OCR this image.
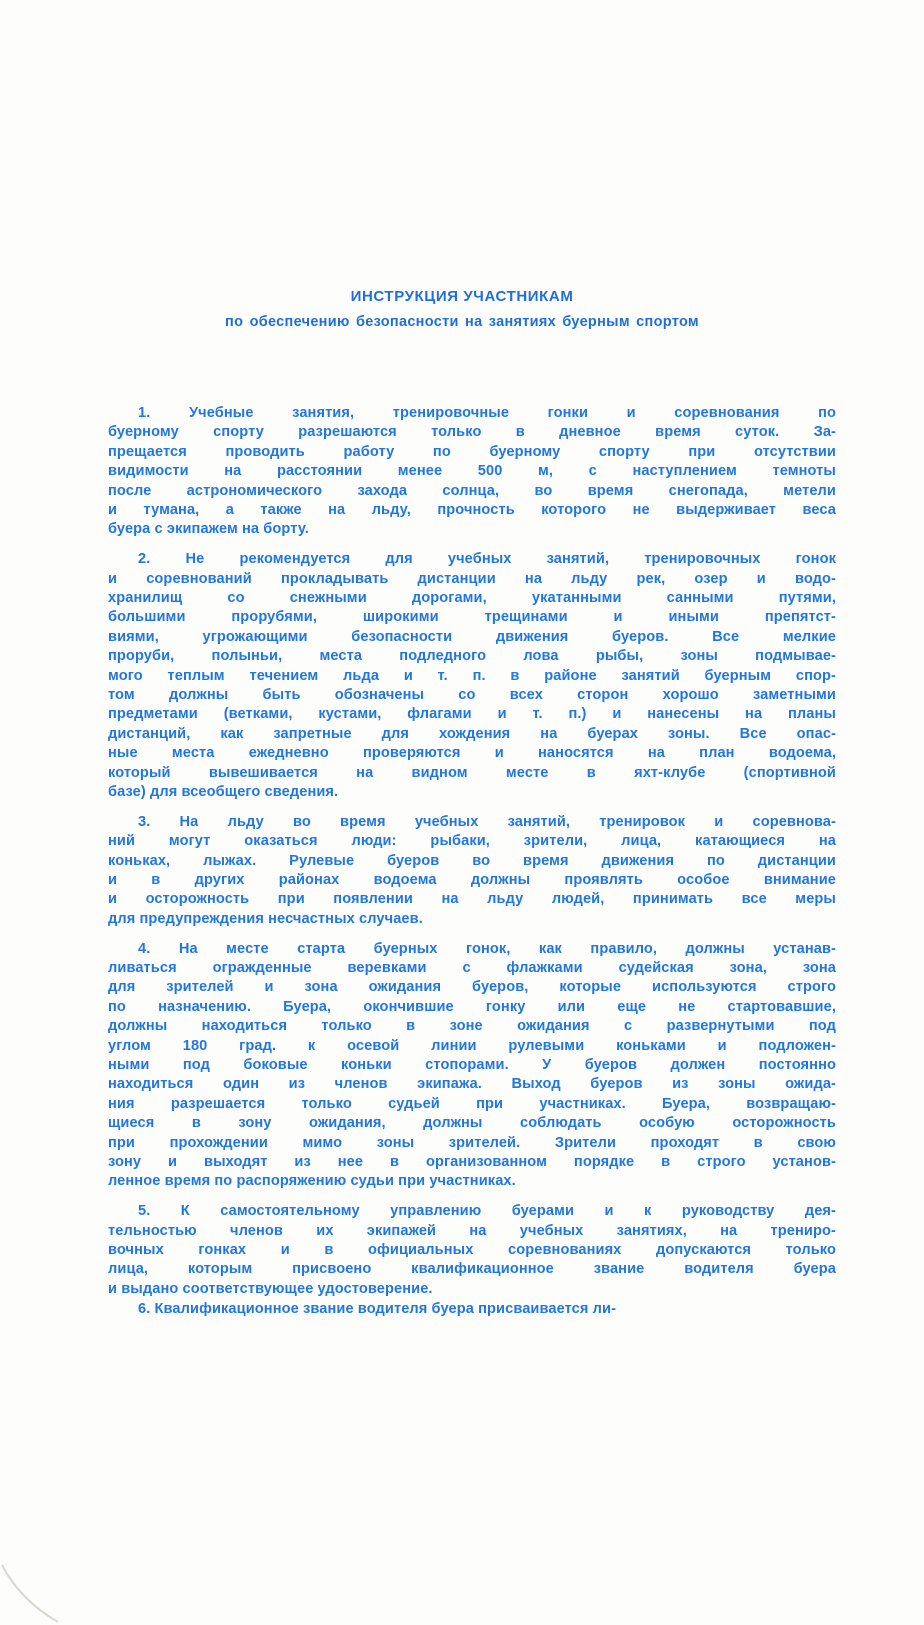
ИНСТРУКЦИЯ УЧАСТНИКАМ
по обеспечению безопасности на занятиях буерным спортом
1. Учебные занятия, тренировочные гонки и соревнования по
буерному спорту разрешаются только в дневное время суток. За-
прещается проводить работу по буерному спорту при отсутствии
видимости на расстоянии менее 500 м, с наступлением темноты
после астрономического захода солнца, во время снегопада, метели
и тумана, а также на льду, прочность которого не выдерживает веса
буера с экипажем на борту.
2. Не рекомендуется для учебных занятий, тренировочных гонок
и соревнований прокладывать дистанции на льду рек, озер и водо-
хранилищ со снежными дорогами, укатанными санными путями,
большими прорубями, широкими трещинами и иными препятст-
виями, угрожающими безопасности движения буеров. Все мелкие
проруби, полыньи, места подледного лова рыбы, зоны подмывае-
мого теплым течением льда и т. п. в районе занятий буерным спор-
том должны быть обозначены со всех сторон хорошо заметными
предметами (ветками, кустами, флагами и т. п.) и нанесены на планы
дистанций, как запретные для хождения на буерах зоны. Все опас-
ные места ежедневно проверяются и наносятся на план водоема,
который вывешивается на видном месте в яхт-клубе (спортивной
базе) для всеобщего сведения.
3. На льду во время учебных занятий, тренировок и соревнова-
ний могут оказаться люди: рыбаки, зрители, лица, катающиеся на
коньках, лыжах. Рулевые буеров во время движения по дистанции
и в других районах водоема должны проявлять особое внимание
и осторожность при появлении на льду людей, принимать все меры
для предупреждения несчастных случаев.
4. На месте старта буерных гонок, как правило, должны устанав-
ливаться огражденные веревками с флажками судейская зона, зона
для зрителей и зона ожидания буеров, которые используются строго
по назначению. Буера, окончившие гонку или еще не стартовавшие,
должны находиться только в зоне ожидания с развернутыми под
углом 180 град. к осевой линии рулевыми коньками и подложен-
ными под боковые коньки стопорами. У буеров должен постоянно
находиться один из членов экипажа. Выход буеров из зоны ожида-
ния разрешается только судьей при участниках. Буера, возвращаю-
щиеся в зону ожидания, должны соблюдать особую осторожность
при прохождении мимо зоны зрителей. Зрители проходят в свою
зону и выходят из нее в организованном порядке в строго установ-
ленное время по распоряжению судьи при участниках.
5. К самостоятельному управлению буерами и к руководству дея-
тельностью членов их экипажей на учебных занятиях, на трениро-
вочных гонках и в официальных соревнованиях допускаются только
лица, которым присвоено квалификационное звание водителя буера
и выдано соответствующее удостоверение.
6. Квалификационное звание водителя буера присваивается ли-
